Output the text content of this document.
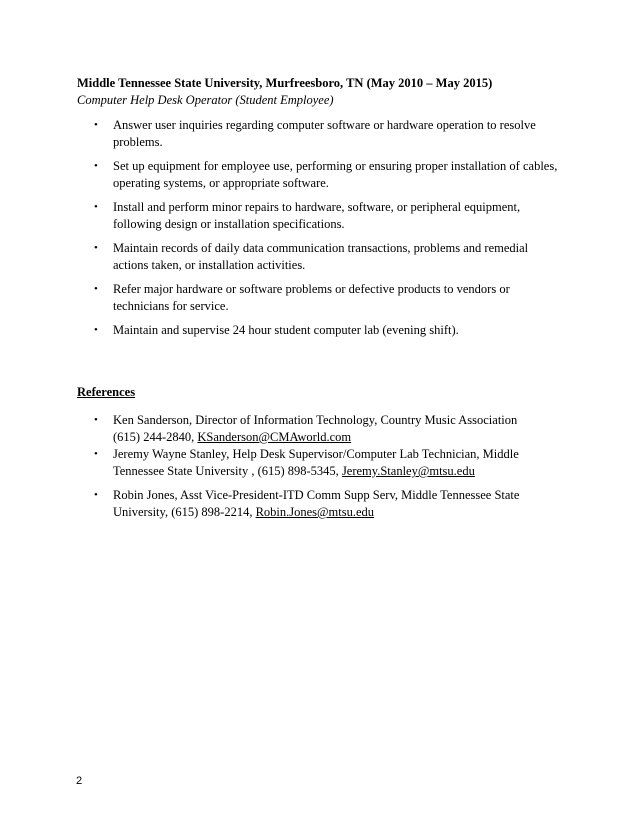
Middle Tennessee State University, Murfreesboro, TN (May 2010 – May 2015)
Computer Help Desk Operator (Student Employee)
• Answer user inquiries regarding computer software or hardware operation to resolve
problems.
• Set up equipment for employee use, performing or ensuring proper installation of cables,
operating systems, or appropriate software.
• Install and perform minor repairs to hardware, software, or peripheral equipment,
following design or installation specifications.
• Maintain records of daily data communication transactions, problems and remedial
actions taken, or installation activities.
• Refer major hardware or software problems or defective products to vendors or
technicians for service.
• Maintain and supervise 24 hour student computer lab (evening shift).
References
• Ken Sanderson, Director of Information Technology, Country Music Association
(615) 244-2840, KSanderson@CMAworld.com
• Jeremy Wayne Stanley, Help Desk Supervisor/Computer Lab Technician, Middle
Tennessee State University , (615) 898-5345, Jeremy.Stanley@mtsu.edu
• Robin Jones, Asst Vice-President-ITD Comm Supp Serv, Middle Tennessee State
University, (615) 898-2214, Robin.Jones@mtsu.edu
2
